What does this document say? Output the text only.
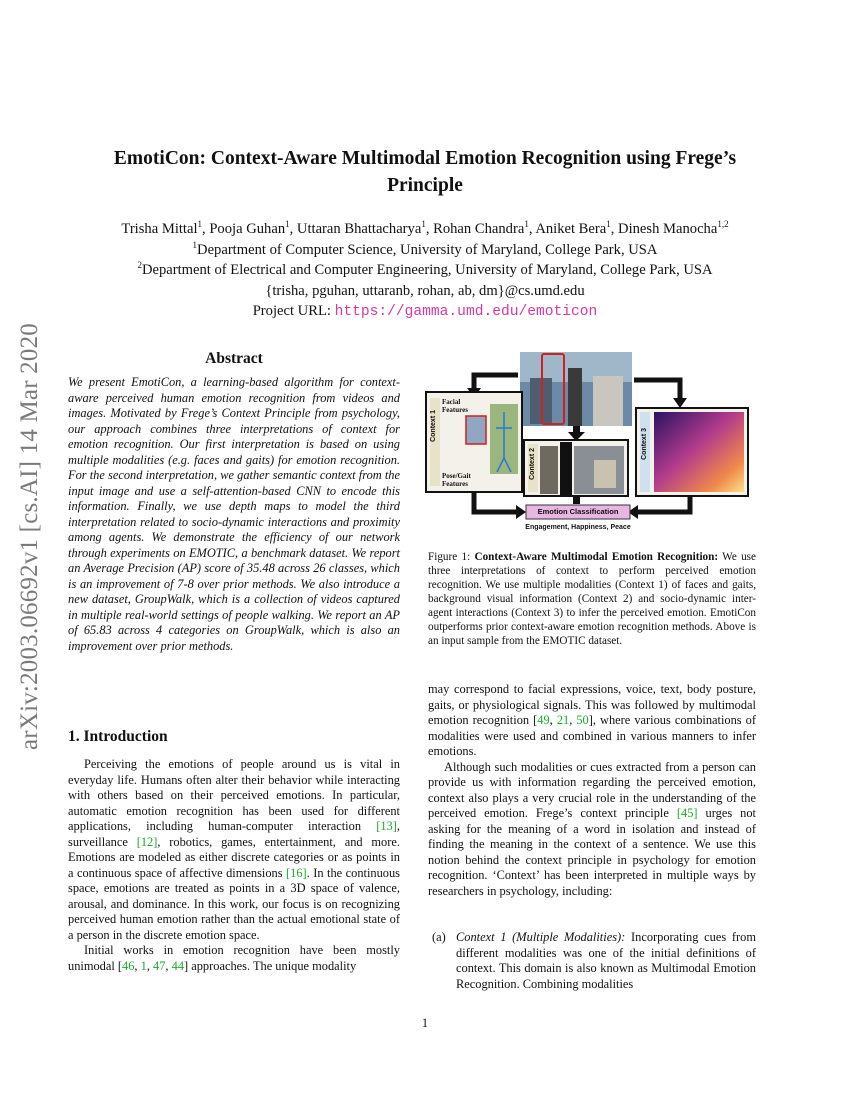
arXiv:2003.06692v1 [cs.AI] 14 Mar 2020
EmotiCon: Context-Aware Multimodal Emotion Recognition using Frege’s
Principle
Trisha Mittal$^1$, Pooja Guhan$^1$, Uttaran Bhattacharya$^1$, Rohan Chandra$^1$, Aniket Bera$^1$, Dinesh Manocha$^{1,2}$
$^1$Department of Computer Science, University of Maryland, College Park, USA
$^2$Department of Electrical and Computer Engineering, University of Maryland, College Park, USA
{trisha, pguhan, uttaranb, rohan, ab, dm}@cs.umd.edu
Project URL: https://gamma.umd.edu/emoticon
Abstract
We present EmotiCon, a learning-based algorithm for context-aware perceived human emotion recognition from videos and images. Motivated by Frege’s Context Principle from psychology, our approach combines three interpretations of context for emotion recognition. Our first interpretation is based on using multiple modalities (e.g. faces and gaits) for emotion recognition. For the second interpretation, we gather semantic context from the input image and use a self-attention-based CNN to encode this information. Finally, we use depth maps to model the third interpretation related to socio-dynamic interactions and proximity among agents. We demonstrate the efficiency of our network through experiments on EMOTIC, a benchmark dataset. We report an Average Precision (AP) score of 35.48 across 26 classes, which is an improvement of 7-8 over prior methods. We also introduce a new dataset, GroupWalk, which is a collection of videos captured in multiple real-world settings of people walking. We report an AP of 65.83 across 4 categories on GroupWalk, which is also an improvement over prior methods.
1. Introduction

Perceiving the emotions of people around us is vital in everyday life. Humans often alter their behavior while interacting with others based on their perceived emotions. In particular, automatic emotion recognition has been used for different applications, including human-computer interaction [13], surveillance [12], robotics, games, entertainment, and more. Emotions are modeled as either discrete categories or as points in a continuous space of affective dimensions [16]. In the continuous space, emotions are treated as points in a 3D space of valence, arousal, and dominance. In this work, our focus is on recognizing perceived human emotion rather than the actual emotional state of a person in the discrete emotion space.

Initial works in emotion recognition have been mostly unimodal [46, 1, 47, 44] approaches. The unique modality

Facial Features
Pose/Gait Features
Context 1
Context 2
Context 3
Emotion Classification
Engagement, Happiness, Peace
Figure 1: Context-Aware Multimodal Emotion Recognition: We use three interpretations of context to perform perceived emotion recognition. We use multiple modalities (Context 1) of faces and gaits, background visual information (Context 2) and socio-dynamic inter-agent interactions (Context 3) to infer the perceived emotion. EmotiCon outperforms prior context-aware emotion recognition methods. Above is an input sample from the EMOTIC dataset.

may correspond to facial expressions, voice, text, body posture, gaits, or physiological signals. This was followed by multimodal emotion recognition [49, 21, 50], where various combinations of modalities were used and combined in various manners to infer emotions.

Although such modalities or cues extracted from a person can provide us with information regarding the perceived emotion, context also plays a very crucial role in the understanding of the perceived emotion. Frege’s context principle [45] urges not asking for the meaning of a word in isolation and instead of finding the meaning in the context of a sentence. We use this notion behind the context principle in psychology for emotion recognition. ‘Context’ has been interpreted in multiple ways by researchers in psychology, including:

(a) Context 1 (Multiple Modalities): Incorporating cues from different modalities was one of the initial definitions of context. This domain is also known as Multimodal Emotion Recognition. Combining modalities
1
